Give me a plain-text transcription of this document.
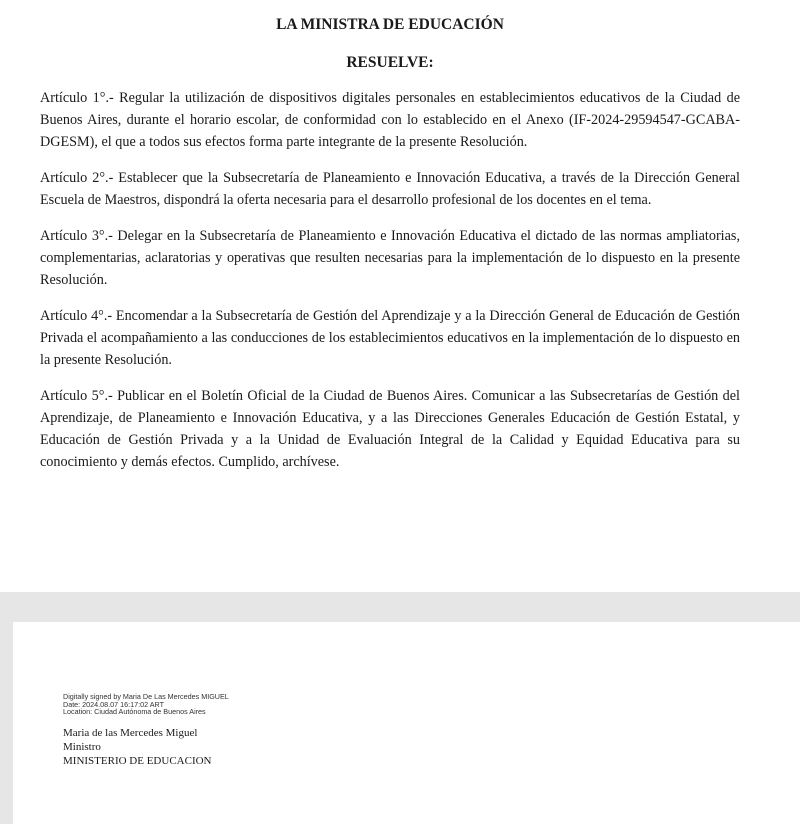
LA MINISTRA DE EDUCACIÓN
RESUELVE:

Artículo 1°.- Regular la utilización de dispositivos digitales personales en establecimientos educativos de la Ciudad de Buenos Aires, durante el horario escolar, de conformidad con lo establecido en el Anexo (IF-2024-29594547-GCABA-DGESM), el que a todos sus efectos forma parte integrante de la presente Resolución.

Artículo 2°.- Establecer que la Subsecretaría de Planeamiento e Innovación Educativa, a través de la Dirección General Escuela de Maestros, dispondrá la oferta necesaria para el desarrollo profesional de los docentes en el tema.

Artículo 3°.- Delegar en la Subsecretaría de Planeamiento e Innovación Educativa el dictado de las normas ampliatorias, complementarias, aclaratorias y operativas que resulten necesarias para la implementación de lo dispuesto en la presente Resolución.

Artículo 4°.- Encomendar a la Subsecretaría de Gestión del Aprendizaje y a la Dirección General de Educación de Gestión Privada el acompañamiento a las conducciones de los establecimientos educativos en la implementación de lo dispuesto en la presente Resolución.

Artículo 5°.- Publicar en el Boletín Oficial de la Ciudad de Buenos Aires. Comunicar a las Subsecretarías de Gestión del Aprendizaje, de Planeamiento e Innovación Educativa, y a las Direcciones Generales Educación de Gestión Estatal, y Educación de Gestión Privada y a la Unidad de Evaluación Integral de la Calidad y Equidad Educativa para su conocimiento y demás efectos. Cumplido, archívese.

Digitally signed by Maria De Las Mercedes MIGUEL
Date: 2024.08.07 16:17:02 ART
Location: Ciudad Autónoma de Buenos Aires
Maria de las Mercedes Miguel
Ministro
MINISTERIO DE EDUCACION
